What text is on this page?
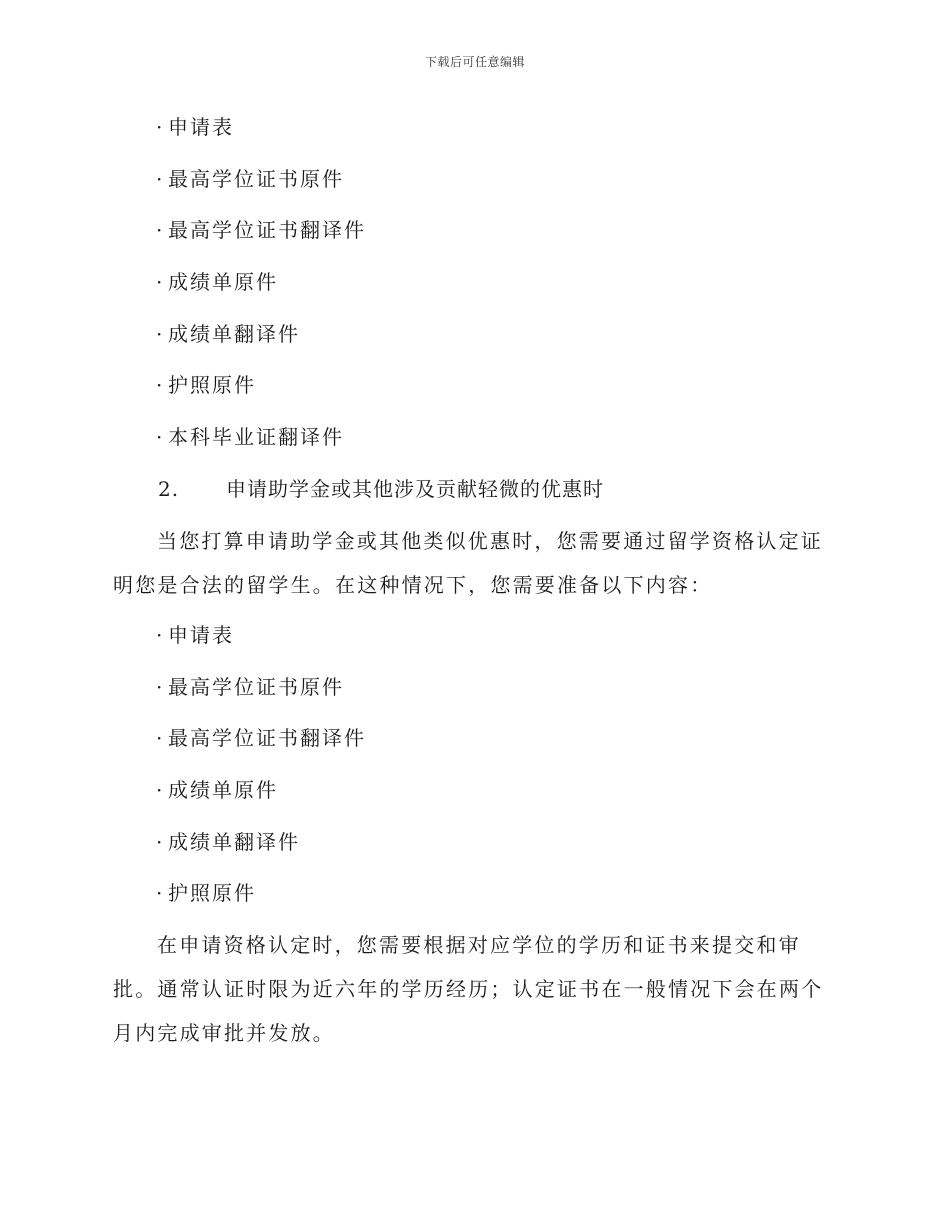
下载后可任意编辑
· 申请表
· 最高学位证书原件
· 最高学位证书翻译件
· 成绩单原件
· 成绩单翻译件
· 护照原件
· 本科毕业证翻译件
2. 申请助学金或其他涉及贡献轻微的优惠时
当您打算申请助学金或其他类似优惠时，您需要通过留学资格认定证明您是合法的留学生。在这种情况下，您需要准备以下内容：
· 申请表
· 最高学位证书原件
· 最高学位证书翻译件
· 成绩单原件
· 成绩单翻译件
· 护照原件
在申请资格认定时，您需要根据对应学位的学历和证书来提交和审批。通常认证时限为近六年的学历经历；认定证书在一般情况下会在两个月内完成审批并发放。
